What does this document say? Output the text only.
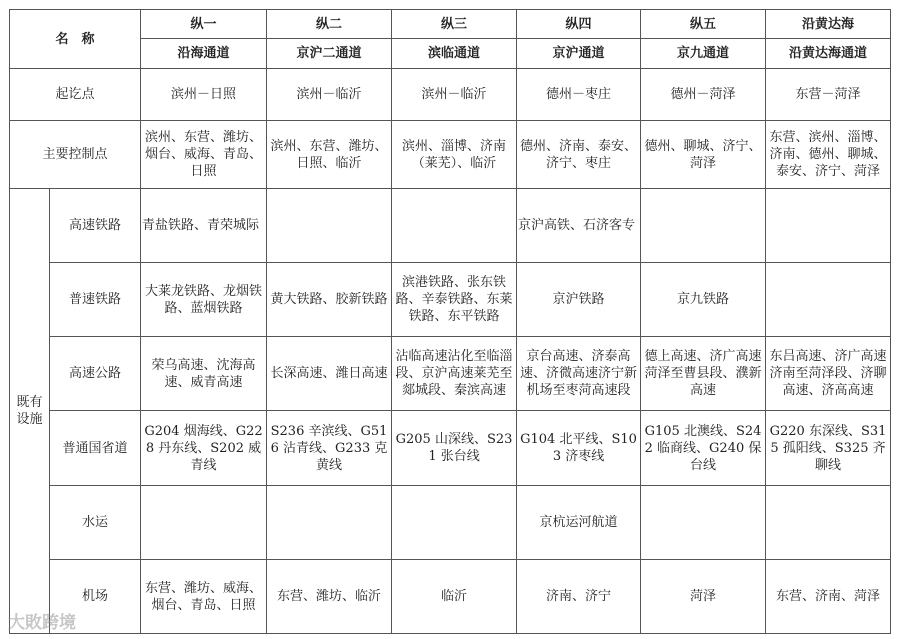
名　称		纵一	纵二	纵三	纵四	纵五	沿黄达海
		沿海通道	京沪二通道	滨临通道	京沪通道	京九通道	沿黄达海通道
起讫点		滨州－日照	滨州－临沂	滨州－临沂	德州－枣庄	德州－菏泽	东营－菏泽
主要控制点		滨州、东营、潍坊、烟台、威海、青岛、日照	滨州、东营、潍坊、日照、临沂	滨州、淄博、济南（莱芜）、临沂	德州、济南、泰安、济宁、枣庄	德州、聊城、济宁、菏泽	东营、滨州、淄博、济南、德州、聊城、泰安、济宁、菏泽
既有设施	高速铁路	青盐铁路、青荣城际			京沪高铁、石济客专		
	普速铁路	大莱龙铁路、龙烟铁路、蓝烟铁路	黄大铁路、胶新铁路	滨港铁路、张东铁路、辛泰铁路、东莱铁路、东平铁路	京沪铁路	京九铁路	
	高速公路	荣乌高速、沈海高速、威青高速	长深高速、潍日高速	沾临高速沾化至临淄段、京沪高速莱芜至郯城段、秦滨高速	京台高速、济泰高速、济微高速济宁新机场至枣菏高速段	德上高速、济广高速菏泽至曹县段、濮新高速	东吕高速、济广高速济南至菏泽段、济聊高速、济高高速
	普通国省道	G204 烟海线、G228 丹东线、S202 威青线	S236 辛滨线、G516 沾青线、G233 克黄线	G205 山深线、S231 张台线	G104 北平线、S103 济枣线	G105 北澳线、S242 临商线、G240 保台线	G220 东深线、S315 孤阳线、S325 齐聊线
	水运				京杭运河航道		
	机场	东营、潍坊、威海、烟台、青岛、日照	东营、潍坊、临沂	临沂	济南、济宁	菏泽	东营、济南、菏泽
大敗跨境
